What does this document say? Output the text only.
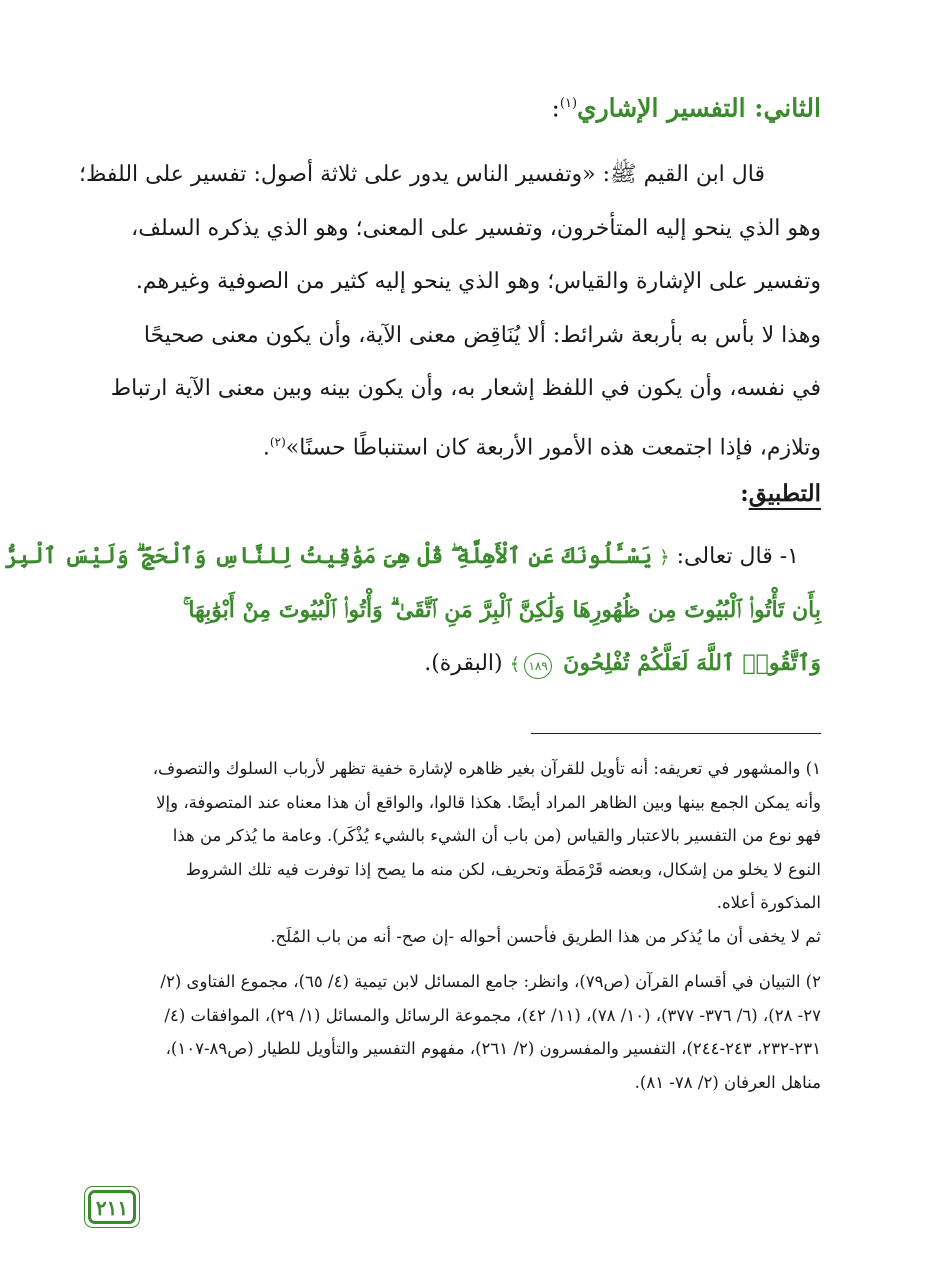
الثاني: التفسير الإشاري$^{(١)}$:
قال ابن القيم ﷺ: «وتفسير الناس يدور على ثلاثة أصول: تفسير على اللفظ؛
وهو الذي ينحو إليه المتأخرون، وتفسير على المعنى؛ وهو الذي يذكره السلف،
وتفسير على الإشارة والقياس؛ وهو الذي ينحو إليه كثير من الصوفية وغيرهم.
وهذا لا بأس به بأربعة شرائط: ألا يُنَاقِض معنى الآية، وأن يكون معنى صحيحًا
في نفسه، وأن يكون في اللفظ إشعار به، وأن يكون بينه وبين معنى الآية ارتباط
وتلازم، فإذا اجتمعت هذه الأمور الأربعة كان استنباطًا حسنًا»$^{(٢)}$.
التطبيق:
١- قال تعالى: ﴿ يَسْـَٔلُونَكَ عَنِ ٱلْأَهِلَّةِ ۖ قُلْ هِىَ مَوَٰقِيتُ لِلنَّاسِ وَٱلْحَجِّ ۗ وَلَيْسَ ٱلْبِرُّ
بِأَن تَأْتُوا۟ ٱلْبُيُوتَ مِن ظُهُورِهَا وَلَٰكِنَّ ٱلْبِرَّ مَنِ ٱتَّقَىٰ ۗ وَأْتُوا۟ ٱلْبُيُوتَ مِنْ أَبْوَٰبِهَا ۚ
وَٱتَّقُوا۟ ٱللَّهَ لَعَلَّكُمْ تُفْلِحُونَ ١٨٩﴾ (البقرة).
١) والمشهور في تعريفه: أنه تأويل للقرآن بغير ظاهره لإشارة خفية تظهر لأرباب السلوك والتصوف،
وأنه يمكن الجمع بينها وبين الظاهر المراد أيضًا. هكذا قالوا، والواقع أن هذا معناه عند المتصوفة، وإلا
فهو نوع من التفسير بالاعتبار والقياس (من باب أن الشيء بالشيء يُذْكَر). وعامة ما يُذكر من هذا
النوع لا يخلو من إشكال، وبعضه قَرْمَطَة وتحريف، لكن منه ما يصح إذا توفرت فيه تلك الشروط
المذكورة أعلاه.
ثم لا يخفى أن ما يُذكر من هذا الطريق فأحسن أحواله -إن صح- أنه من باب المُلَح.
٢) التبيان في أقسام القرآن (ص٧٩)، وانظر: جامع المسائل لابن تيمية (٤/ ٦٥)، مجموع الفتاوى (٢/
٢٧- ٢٨)، (٦/ ٣٧٦- ٣٧٧)، (١٠/ ٧٨)، (١١/ ٤٢)، مجموعة الرسائل والمسائل (١/ ٢٩)، الموافقات (٤/
٢٣١-٢٣٢، ٢٤٣-٢٤٤)، التفسير والمفسرون (٢/ ٢٦١)، مفهوم التفسير والتأويل للطيار (ص٨٩-١٠٧)،
مناهل العرفان (٢/ ٧٨- ٨١).
٢١١
